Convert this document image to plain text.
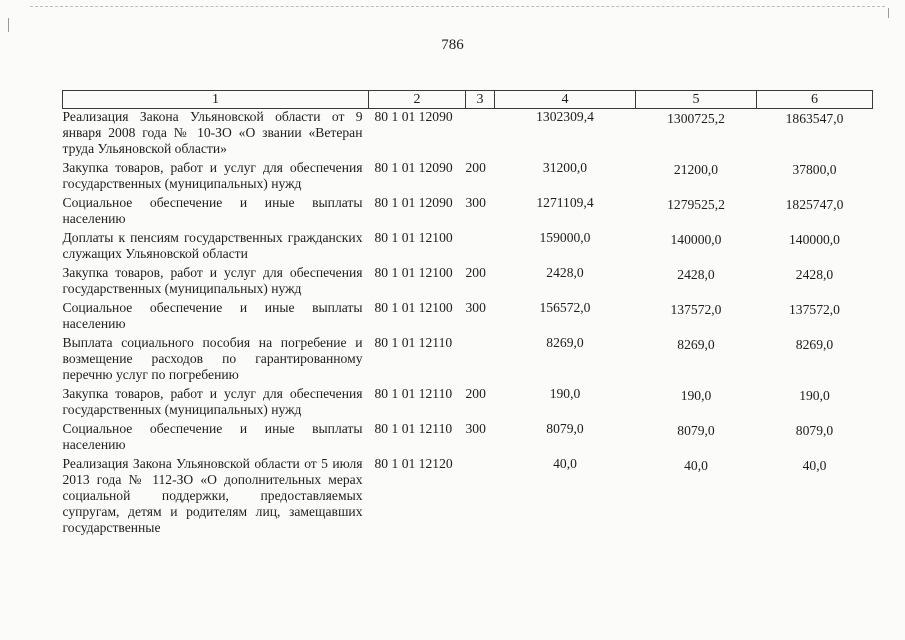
786
1	2	3	4	5	6
Реализация Закона Ульяновской области от 9 января 2008 года № 10-ЗО «О звании «Ветеран труда Ульяновской области»	80 1 01 12090		1302309,4	1300725,2	1863547,0
Закупка товаров, работ и услуг для обеспечения государственных (муниципальных) нужд	80 1 01 12090	200	31200,0	21200,0	37800,0
Социальное обеспечение и иные выплаты населению	80 1 01 12090	300	1271109,4	1279525,2	1825747,0
Доплаты к пенсиям государственных гражданских служащих Ульяновской области	80 1 01 12100		159000,0	140000,0	140000,0
Закупка товаров, работ и услуг для обеспечения государственных (муниципальных) нужд	80 1 01 12100	200	2428,0	2428,0	2428,0
Социальное обеспечение и иные выплаты населению	80 1 01 12100	300	156572,0	137572,0	137572,0
Выплата социального пособия на погребение и возмещение расходов по гарантированному перечню услуг по погребению	80 1 01 12110		8269,0	8269,0	8269,0
Закупка товаров, работ и услуг для обеспечения государственных (муниципальных) нужд	80 1 01 12110	200	190,0	190,0	190,0
Социальное обеспечение и иные выплаты населению	80 1 01 12110	300	8079,0	8079,0	8079,0
Реализация Закона Ульяновской области от 5 июля 2013 года № 112-ЗО «О дополнительных мерах социальной поддержки, предоставляемых супругам, детям и родителям лиц, замещавших государственные	80 1 01 12120		40,0	40,0	40,0
